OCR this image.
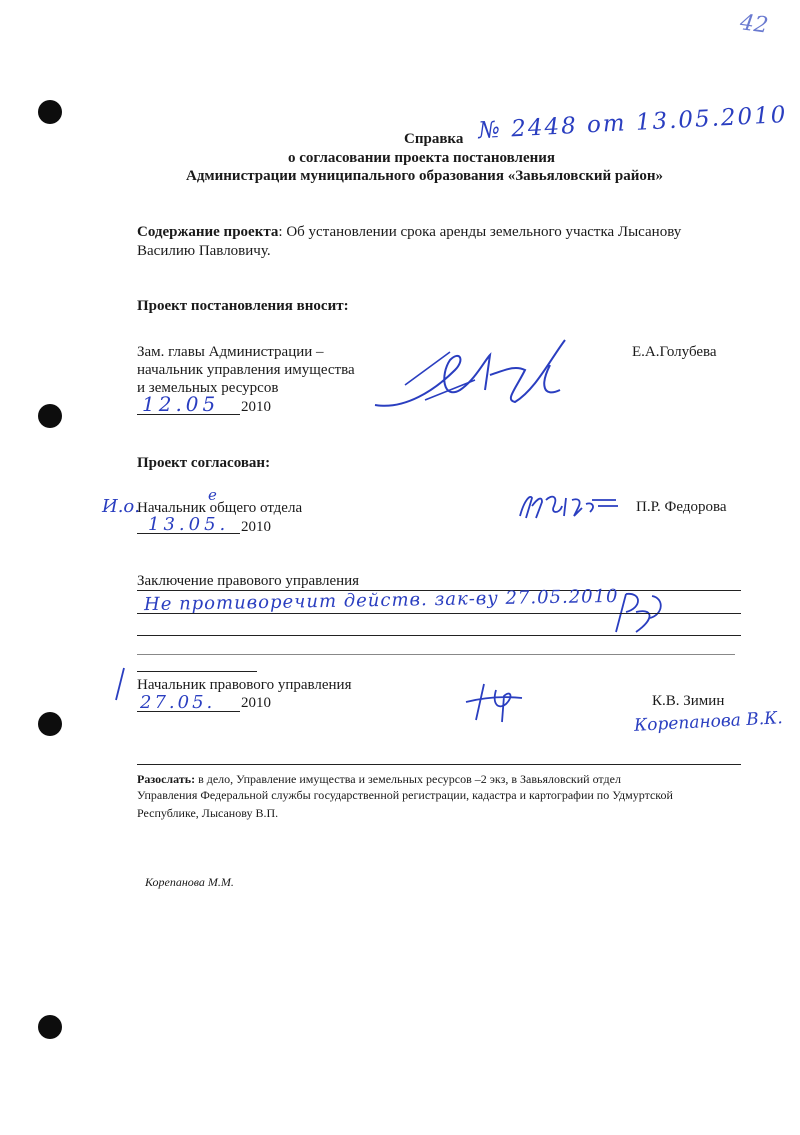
42
Справка № 2448 от 13.05.2010
о согласовании проекта постановления
Администрации муниципального образования «Завьяловский район»
Содержание проекта: Об установлении срока аренды земельного участка Лысанову
Василию Павловичу.
Проект постановления вносит:
Зам. главы Администрации –
начальник управления имущества
и земельных ресурсов
12.05 2010
Е.А.Голубева
Проект согласован:
И.о.
е
Начальник общего отдела
13.05. 2010
П.Р. Федорова
Заключение правового управления
Не противоречит действ. зак-ву 27.05.2010
Начальник правового управления
27.05. 2010	К.В. Зимин
Корепанова В.К.
Разослать: в дело, Управление имущества и земельных ресурсов –2 экз, в Завьяловский отдел
Управления Федеральной службы государственной регистрации, кадастра и картографии по Удмуртской
Республике, Лысанову В.П.
Корепанова М.М.
